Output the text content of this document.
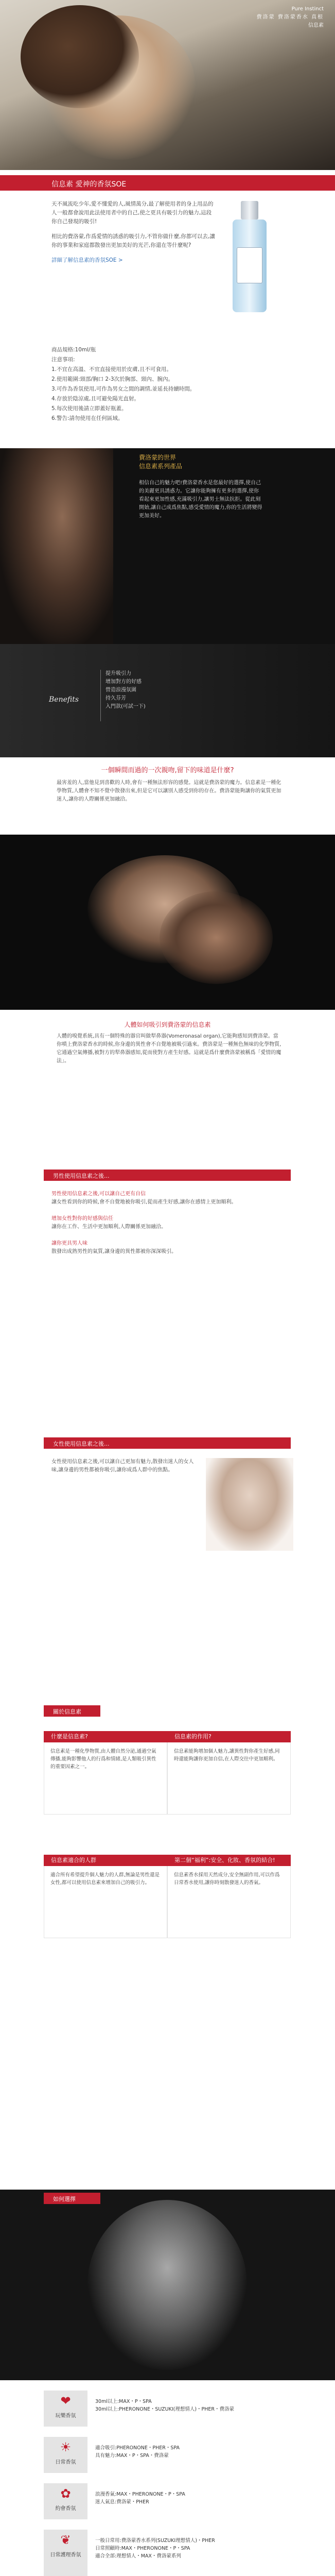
Pure Instinct
費洛蒙 費洛蒙香水 真根
信息素
信息素 愛神的香氛SOE

天不風流吃少年,愛不懂愛的人,風情萬分,最了解使用者的身上用品的人一般都會說用此法使用者中的自己,使之更具有吸引力的魅力,這段你自己發現的吸引!

相比的費洛蒙,作爲愛情的誘惑的吸引力,不管你做什麼,你都可以去,讓你的事業和家庭都散發出更加美好的光芒,你還在等什麼呢?

詳細了解信息素的香氛SOE >

商品規格:10ml/瓶
注意事項:
1.不宜在高溫、不宜直接使用於皮膚,且不可食用。
2.使用範圍:頸部/胸口 2-3次於胸部、頸內、腕內。
3.可作為香氛使用,可作為男女之間的調情,並延長持續時間。
4.存放於陰涼處,且可避免陽光直射。
5.每次使用後請立即蓋好瓶蓋。
6.警告:請勿使用在任何區域。
費洛蒙的世界
信息素系列產品
相信自己的魅力吧!費洛蒙香水是您最好的選擇,使自己的美麗更具誘惑力。它讓你能夠擁有更多的選擇,使你看起來更加性感,充滿吸引力,讓男士無法抗拒。從此刻開始,讓自己成爲焦點,感受愛情的魔力,你的生活將變得更加美好。
Benefits
提升吸引力
增加對方的好感
營造浪漫氛圍
持久芬芳
入門款(可試一下)
一個瞬間而過的一次親吻,留下的味道是什麼?
最害羞的人,當他見到喜歡的人時,會有一種無法形容的感覺。這就是費洛蒙的魔力。信息素是一種化學物質,人體會不知不覺中散發出來,但是它可以讓別人感受到你的存在。費洛蒙能夠讓你的氣質更加迷人,讓你的人際關係更加融洽。
人體如何吸引到費洛蒙的信息素
人體的嗅覺系統,具有一個特殊的器官叫做犁鼻器(Vomeronasal organ),它能夠感知到費洛蒙。當你噴上費洛蒙香水的時候,你身邊的異性會不自覺地被吸引過來。費洛蒙是一種無色無味的化學物質,它通過空氣傳播,被對方的犁鼻器感知,從而使對方產生好感。這就是爲什麼費洛蒙被稱爲「愛情的魔法」。
男性使用信息素之後...
男性使用信息素之後,可以讓自己更有自信
讓女性看到你的時候,會不自覺地被你吸引,從而產生好感,讓你在感情上更加順利。

增加女性對你的好感與信任
讓你在工作、生活中更加順利,人際關係更加融洽。

讓你更具男人味
散發出成熟男性的氣質,讓身邊的異性都被你深深吸引。
女性使用信息素之後...
女性使用信息素之後,可以讓自己更加有魅力,散發出迷人的女人味,讓身邊的男性都被你吸引,讓你成爲人群中的焦點。
關於信息素
什麼是信息素?
信息素是一種化學物質,由人體自然分泌,通過空氣傳播,能夠影響他人的行爲和情緒,是人類吸引異性的重要因素之一。
信息素的作用?
信息素能夠增加個人魅力,讓異性對你產生好感,同時還能夠讓你更加自信,在人際交往中更加順利。
信息素適合的人群
適合所有希望提升個人魅力的人群,無論是男性還是女性,都可以使用信息素來增加自己的吸引力。
第二個“福利”:安全、化妝、香氛的結合!
信息素香水採用天然成分,安全無副作用,可以作爲日常香水使用,讓你時刻散發迷人的香氣。
如何選擇
❤
玩樂香氛
30ml以上:MAX・P・SPA
30ml以上:PHERONONE・SUZUKI(理想情人)・PHER・費洛蒙
☀
日常香氛
適合吸引:PHERONONE・PHER・SPA
具有魅力:MAX・P・SPA・費洛蒙
✿
約會香氛
浪漫香氣:MAX・PHERONONE・P・SPA
迷人氣息:費洛蒙・PHER
❦
日常護理香氛
一般日常用:費洛蒙香水系列(SUZUKI理想情人)・PHER
日常照顧時:MAX・PHERONONE・P・SPA
適合全部:理想情人・MAX・費洛蒙系列
